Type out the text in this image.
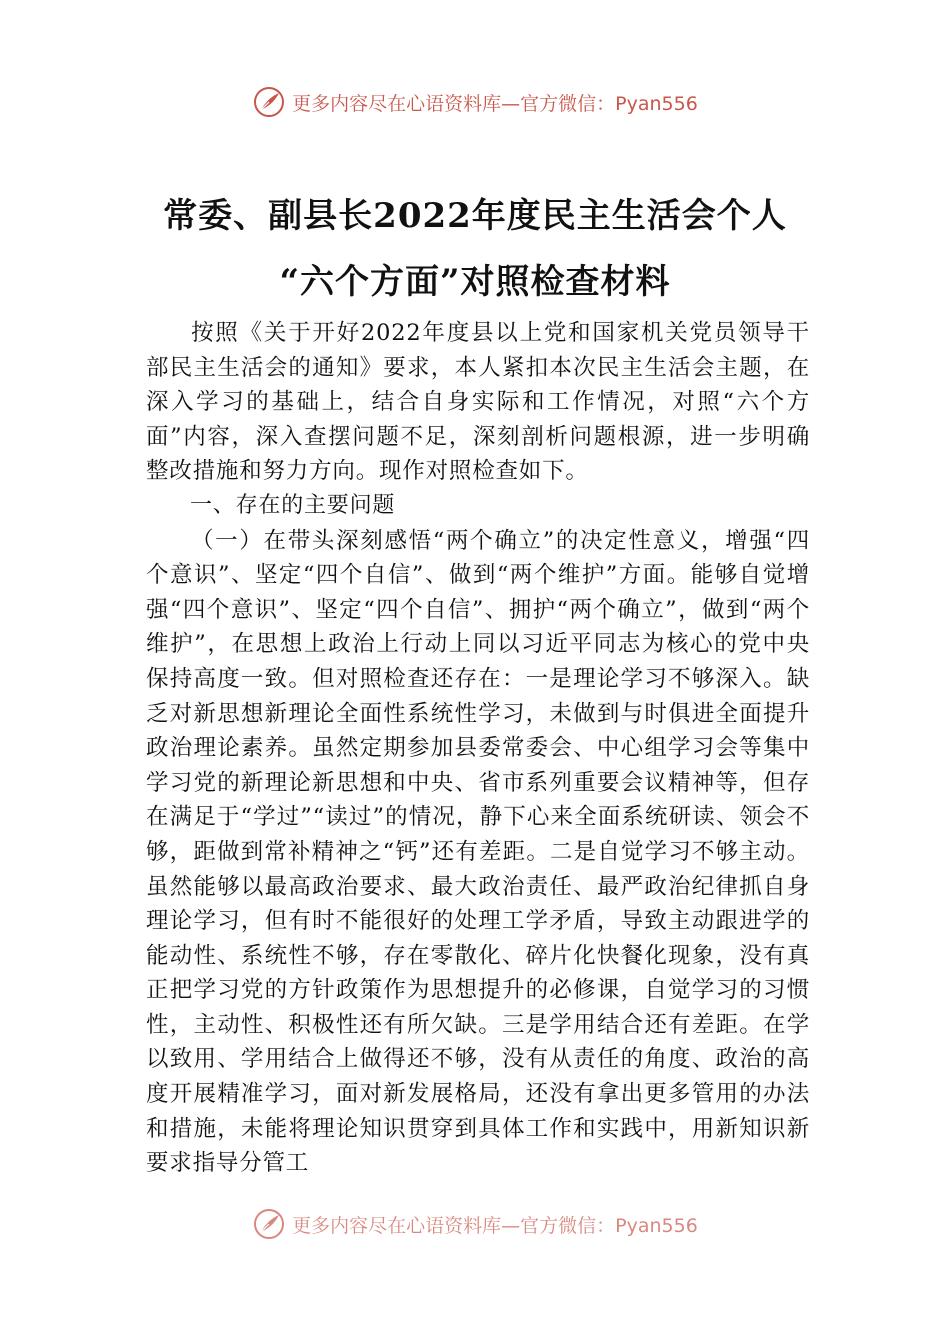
更多内容尽在心语资料库—官方微信：Pyan556
常委、副县长2022年度民主生活会个人
“六个方面”对照检查材料

按照《关于开好2022年度县以上党和国家机关党员领导干部民主生活会的通知》要求，本人紧扣本次民主生活会主题，在深入学习的基础上，结合自身实际和工作情况，对照“六个方面”内容，深入查摆问题不足，深刻剖析问题根源，进一步明确整改措施和努力方向。现作对照检查如下。

一、存在的主要问题

（一）在带头深刻感悟“两个确立”的决定性意义，增强“四个意识”、坚定“四个自信”、做到“两个维护”方面。能够自觉增强“四个意识”、坚定“四个自信”、拥护“两个确立”，做到“两个维护”，在思想上政治上行动上同以习近平同志为核心的党中央保持高度一致。但对照检查还存在：一是理论学习不够深入。缺乏对新思想新理论全面性系统性学习，未做到与时俱进全面提升政治理论素养。虽然定期参加县委常委会、中心组学习会等集中学习党的新理论新思想和中央、省市系列重要会议精神等，但存在满足于“学过”“读过”的情况，静下心来全面系统研读、领会不够，距做到常补精神之“钙”还有差距。二是自觉学习不够主动。虽然能够以最高政治要求、最大政治责任、最严政治纪律抓自身理论学习，但有时不能很好的处理工学矛盾，导致主动跟进学的能动性、系统性不够，存在零散化、碎片化快餐化现象，没有真正把学习党的方针政策作为思想提升的必修课，自觉学习的习惯性，主动性、积极性还有所欠缺。三是学用结合还有差距。在学以致用、学用结合上做得还不够，没有从责任的角度、政治的高度开展精准学习，面对新发展格局，还没有拿出更多管用的办法和措施，未能将理论知识贯穿到具体工作和实践中，用新知识新要求指导分管工

更多内容尽在心语资料库—官方微信：Pyan556
